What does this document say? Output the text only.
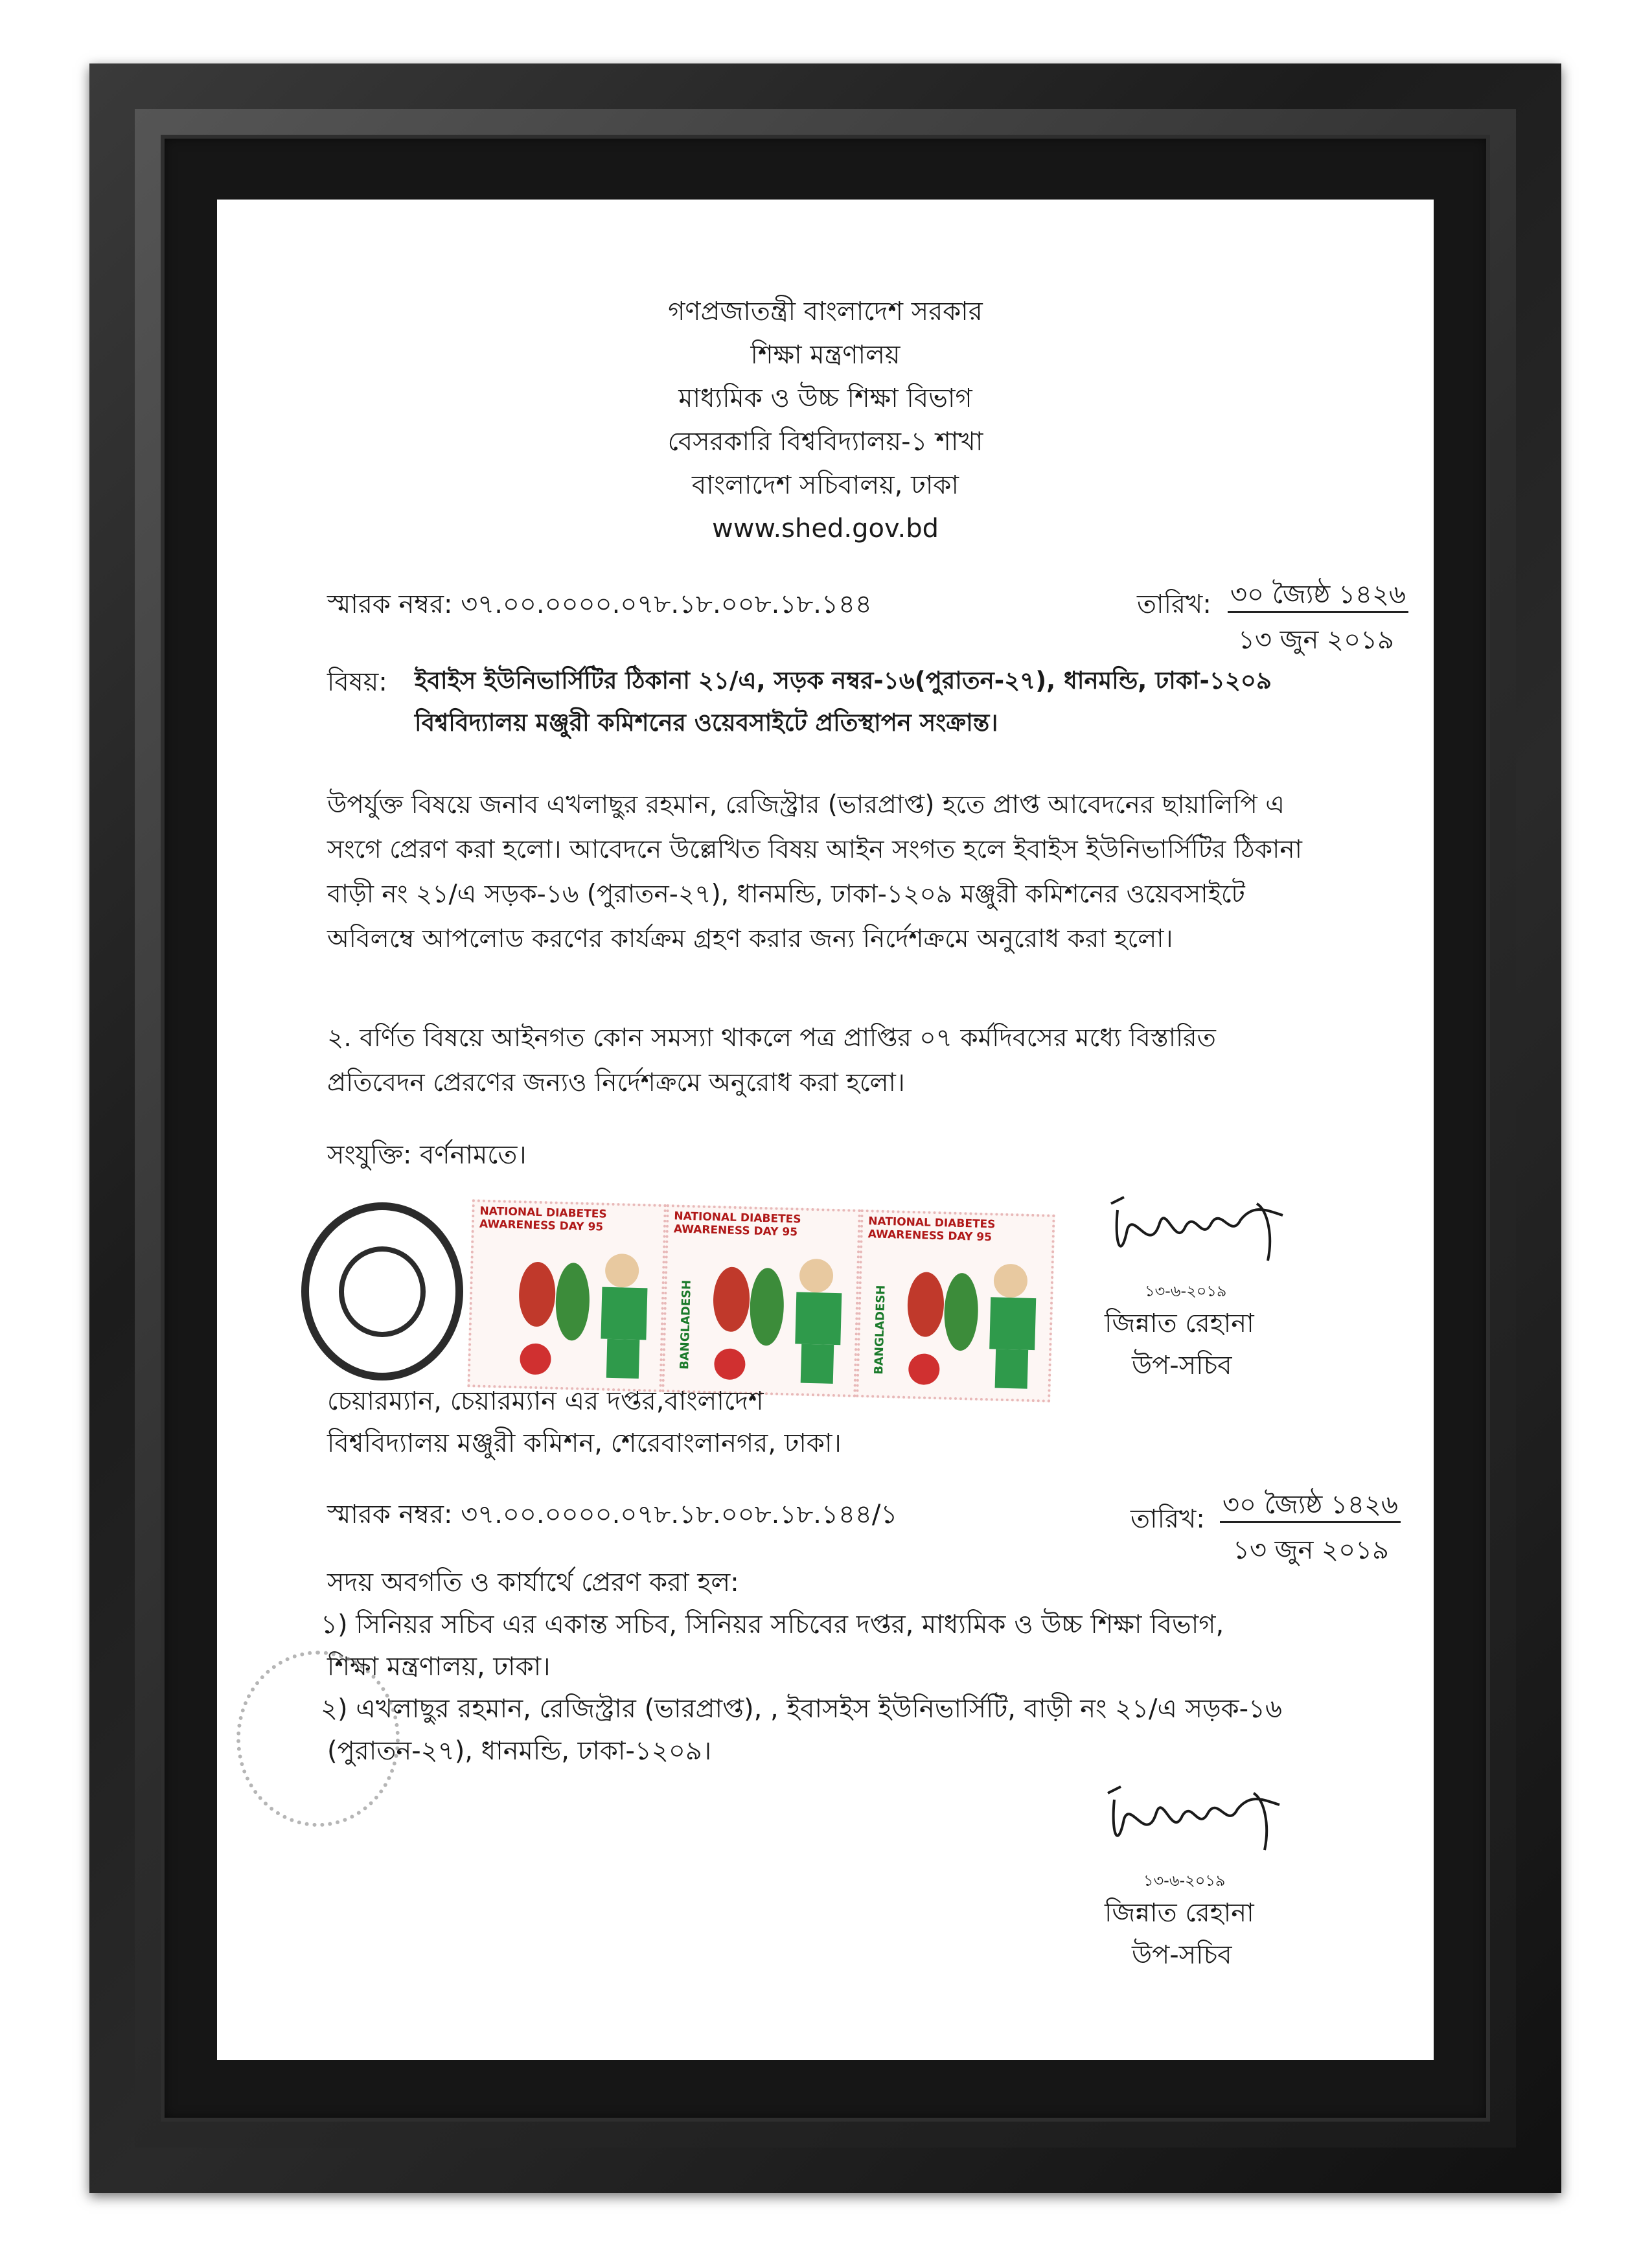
গণপ্রজাতন্ত্রী বাংলাদেশ সরকার
শিক্ষা মন্ত্রণালয়
মাধ্যমিক ও উচ্চ শিক্ষা বিভাগ
বেসরকারি বিশ্ববিদ্যালয়-১ শাখা
বাংলাদেশ সচিবালয়, ঢাকা
www.shed.gov.bd
স্মারক নম্বর: ৩৭.০০.০০০০.০৭৮.১৮.০০৮.১৮.১৪৪	তারিখ: ৩০ জ্যৈষ্ঠ ১৪২৬
১৩ জুন ২০১৯
বিষয়: ইবাইস ইউনিভার্সিটির ঠিকানা ২১/এ, সড়ক নম্বর-১৬(পুরাতন-২৭), ধানমন্ডি, ঢাকা-১২০৯
বিশ্ববিদ্যালয় মঞ্জুরী কমিশনের ওয়েবসাইটে প্রতিস্থাপন সংক্রান্ত।
উপর্যুক্ত বিষয়ে জনাব এখলাছুর রহমান, রেজিস্ট্রার (ভারপ্রাপ্ত) হতে প্রাপ্ত আবেদনের ছায়ালিপি এ
সংগে প্রেরণ করা হলো। আবেদনে উল্লেখিত বিষয় আইন সংগত হলে ইবাইস ইউনিভার্সিটির ঠিকানা
বাড়ী নং ২১/এ সড়ক-১৬ (পুরাতন-২৭), ধানমন্ডি, ঢাকা-১২০৯ মঞ্জুরী কমিশনের ওয়েবসাইটে
অবিলম্বে আপলোড করণের কার্যক্রম গ্রহণ করার জন্য নির্দেশক্রমে অনুরোধ করা হলো।
২. বর্ণিত বিষয়ে আইনগত কোন সমস্যা থাকলে পত্র প্রাপ্তির ০৭ কর্মদিবসের মধ্যে বিস্তারিত
প্রতিবেদন প্রেরণের জন্যও নির্দেশক্রমে অনুরোধ করা হলো।
সংযুক্তি: বর্ণনামতে।
১৩-৬-২০১৯
জিন্নাত রেহানা
উপ-সচিব
NATIONAL DIABETES AWARENESS DAY 95	NATIONAL DIABETES AWARENESS DAY 95
BANGLADESH
NATIONAL DIABETES AWARENESS DAY 95
BANGLADESH
চেয়ারম্যান, চেয়ারম্যান এর দপ্তর,বাংলাদেশ
বিশ্ববিদ্যালয় মঞ্জুরী কমিশন, শেরেবাংলানগর, ঢাকা।
স্মারক নম্বর: ৩৭.০০.০০০০.০৭৮.১৮.০০৮.১৮.১৪৪/১	তারিখ: ৩০ জ্যৈষ্ঠ ১৪২৬
১৩ জুন ২০১৯
সদয় অবগতি ও কার্যার্থে প্রেরণ করা হল:
১) সিনিয়র সচিব এর একান্ত সচিব, সিনিয়র সচিবের দপ্তর, মাধ্যমিক ও উচ্চ শিক্ষা বিভাগ,
শিক্ষা মন্ত্রণালয়, ঢাকা।
২) এখলাছুর রহমান, রেজিস্ট্রার (ভারপ্রাপ্ত), , ইবাসইস ইউনিভার্সিটি, বাড়ী নং ২১/এ সড়ক-১৬
(পুরাতন-২৭), ধানমন্ডি, ঢাকা-১২০৯।
১৩-৬-২০১৯
জিন্নাত রেহানা
উপ-সচিব
